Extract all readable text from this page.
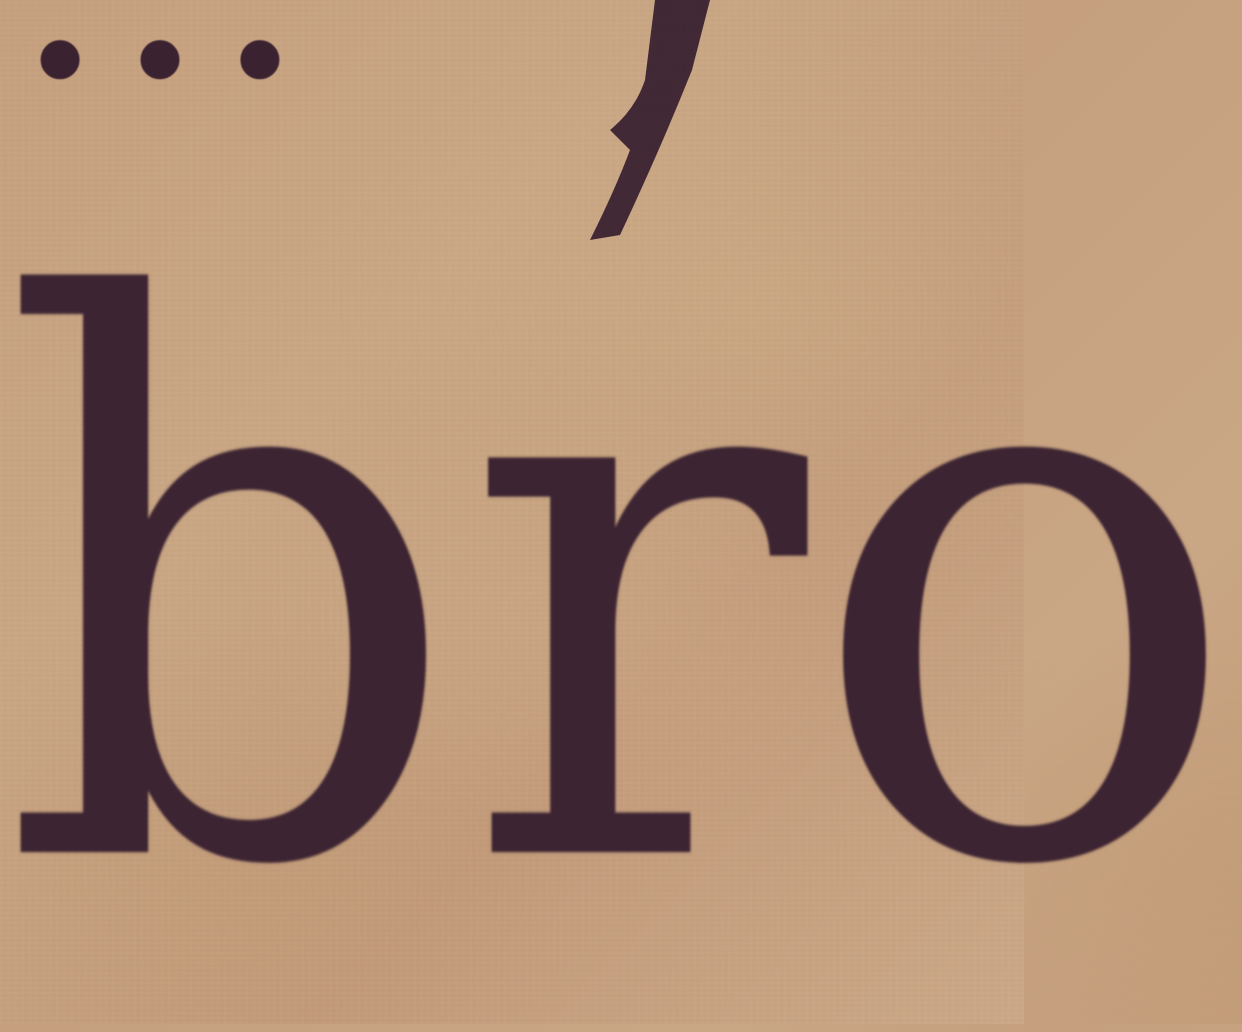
bro
